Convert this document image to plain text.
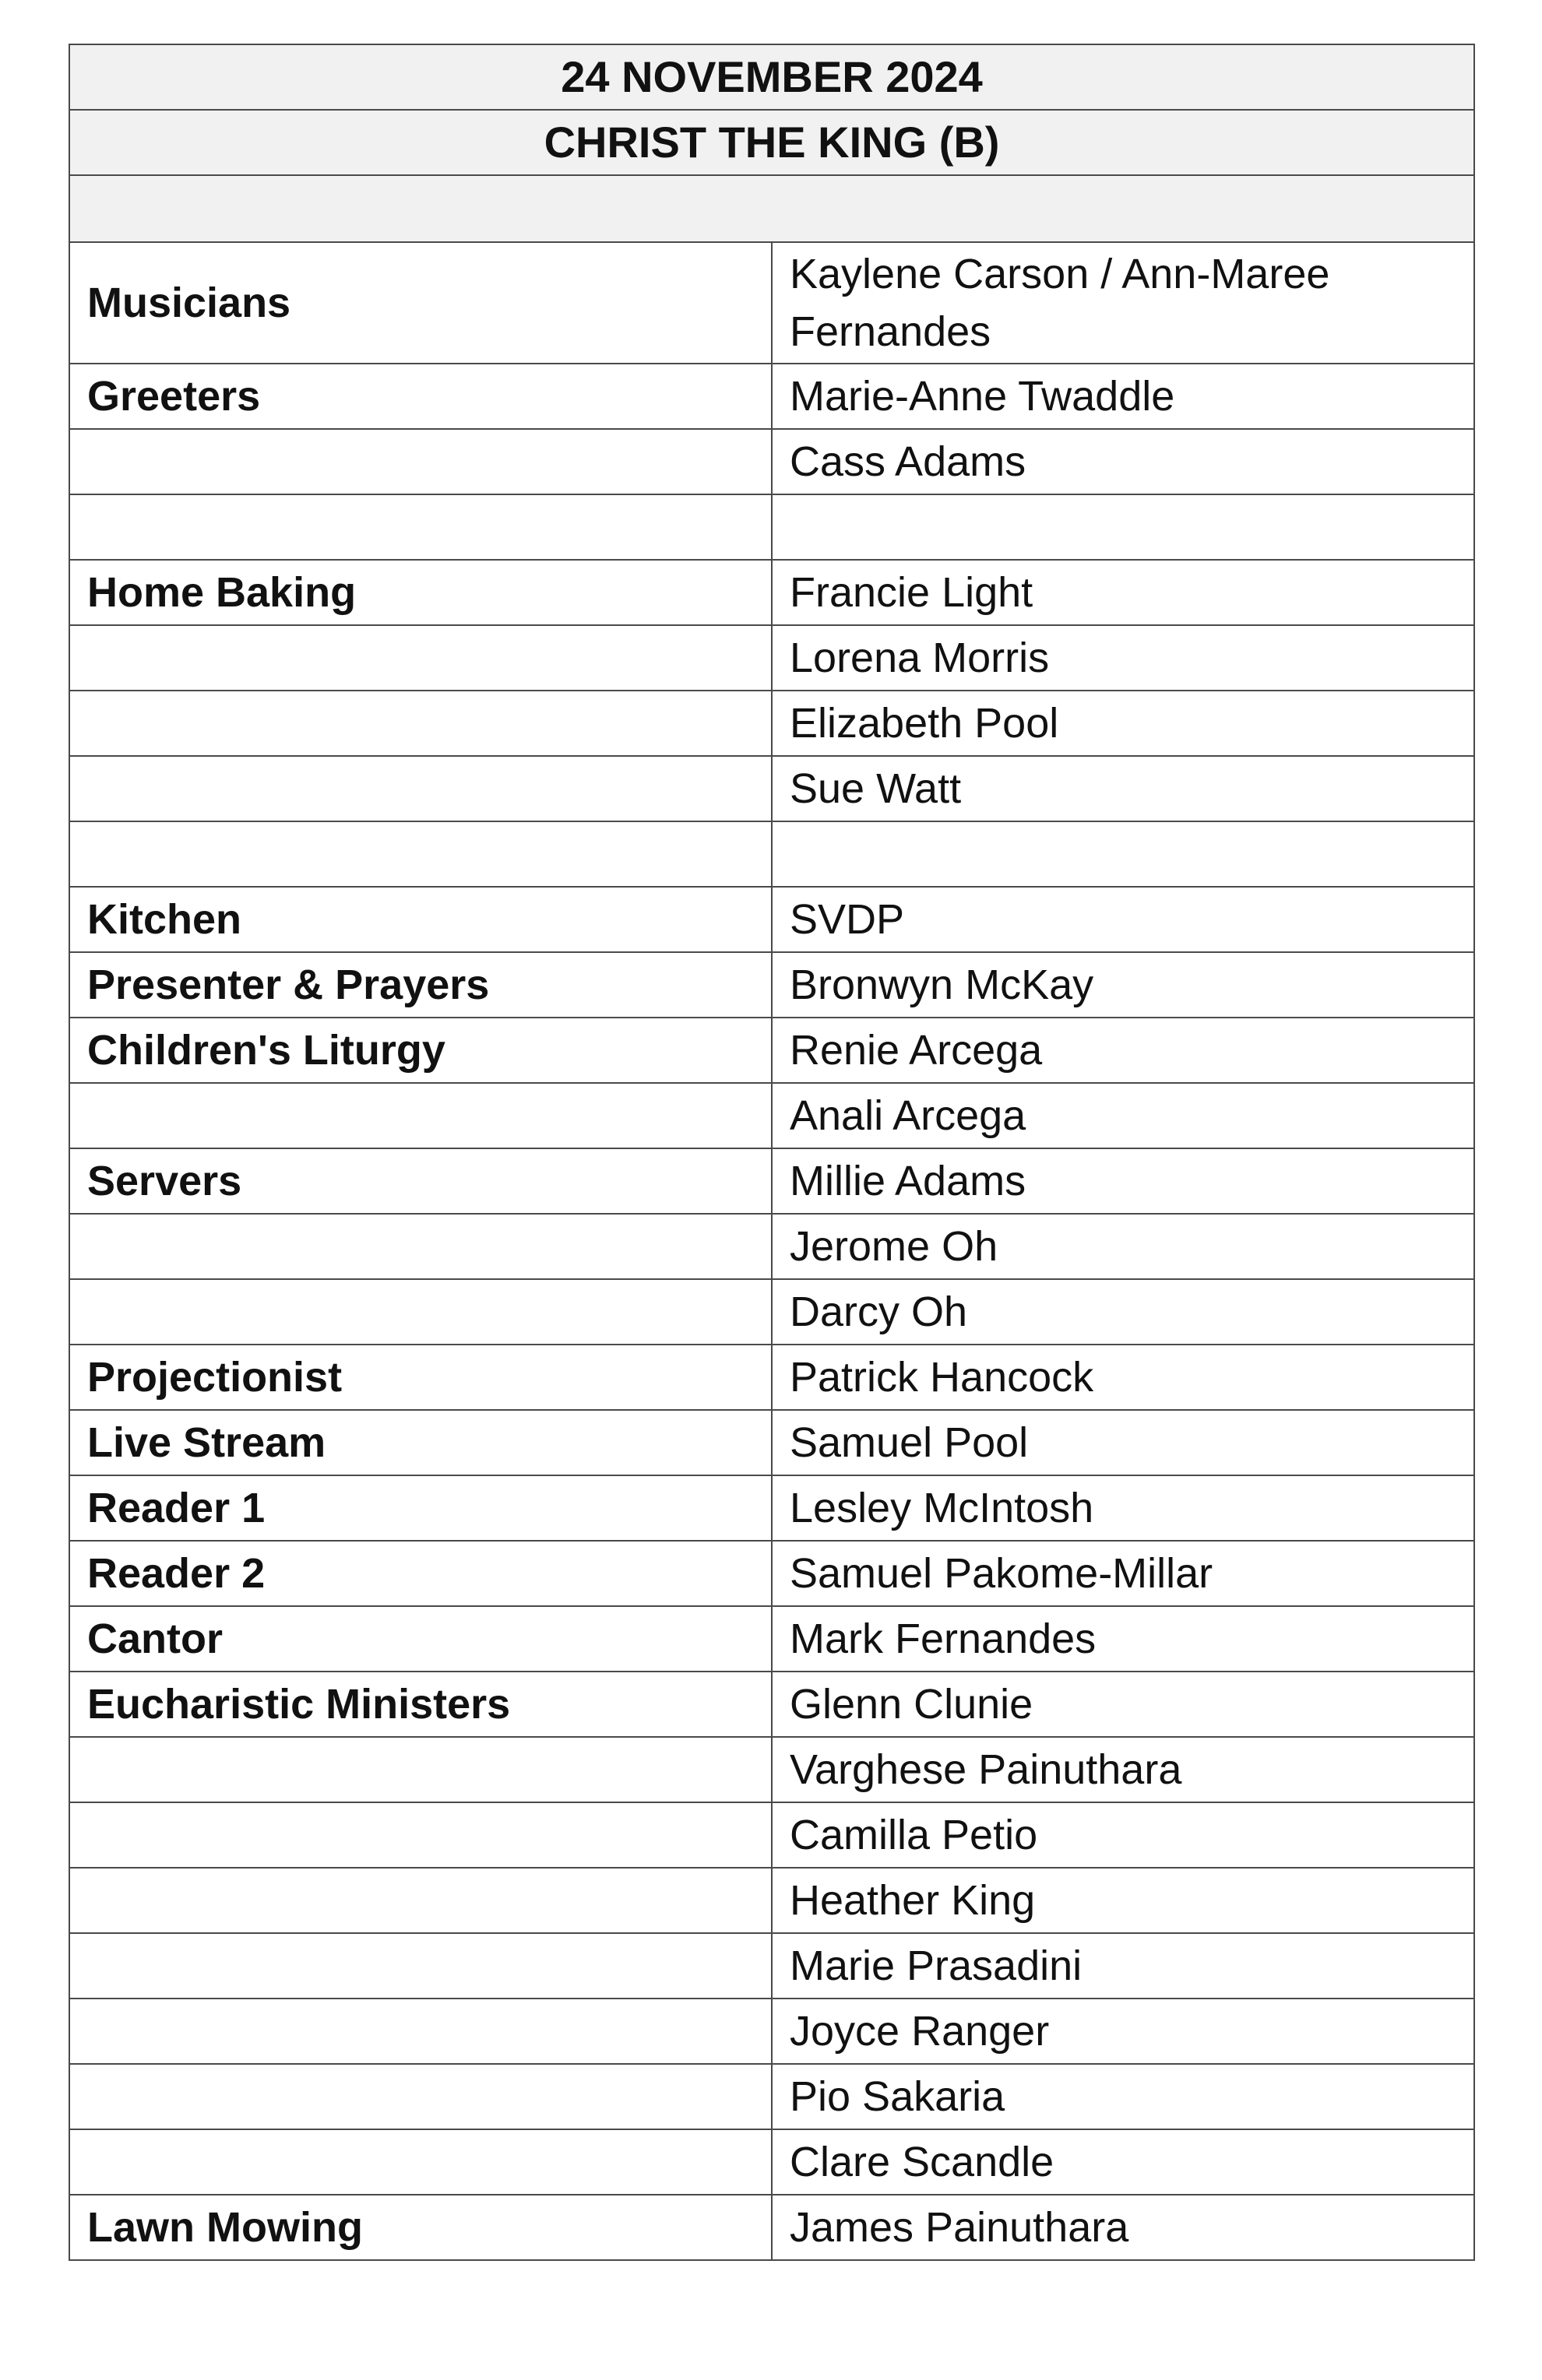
24 NOVEMBER 2024	
CHRIST THE KING (B)	

Musicians	Kaylene Carson / Ann-Maree
Fernandes

Greeters	Marie-Anne Twaddle
	Cass Adams

Home Baking	Francie Light
	Lorena Morris
	Elizabeth Pool
	Sue Watt

Kitchen	SVDP
Presenter & Prayers	Bronwyn McKay
Children's Liturgy	Renie Arcega
	Anali Arcega
Servers	Millie Adams
	Jerome Oh
	Darcy Oh
Projectionist	Patrick Hancock
Live Stream	Samuel Pool
Reader 1	Lesley McIntosh
Reader 2	Samuel Pakome-Millar
Cantor	Mark Fernandes
Eucharistic Ministers	Glenn Clunie
	Varghese Painuthara
	Camilla Petio
	Heather King
	Marie Prasadini
	Joyce Ranger
	Pio Sakaria
	Clare Scandle
Lawn Mowing	James Painuthara
